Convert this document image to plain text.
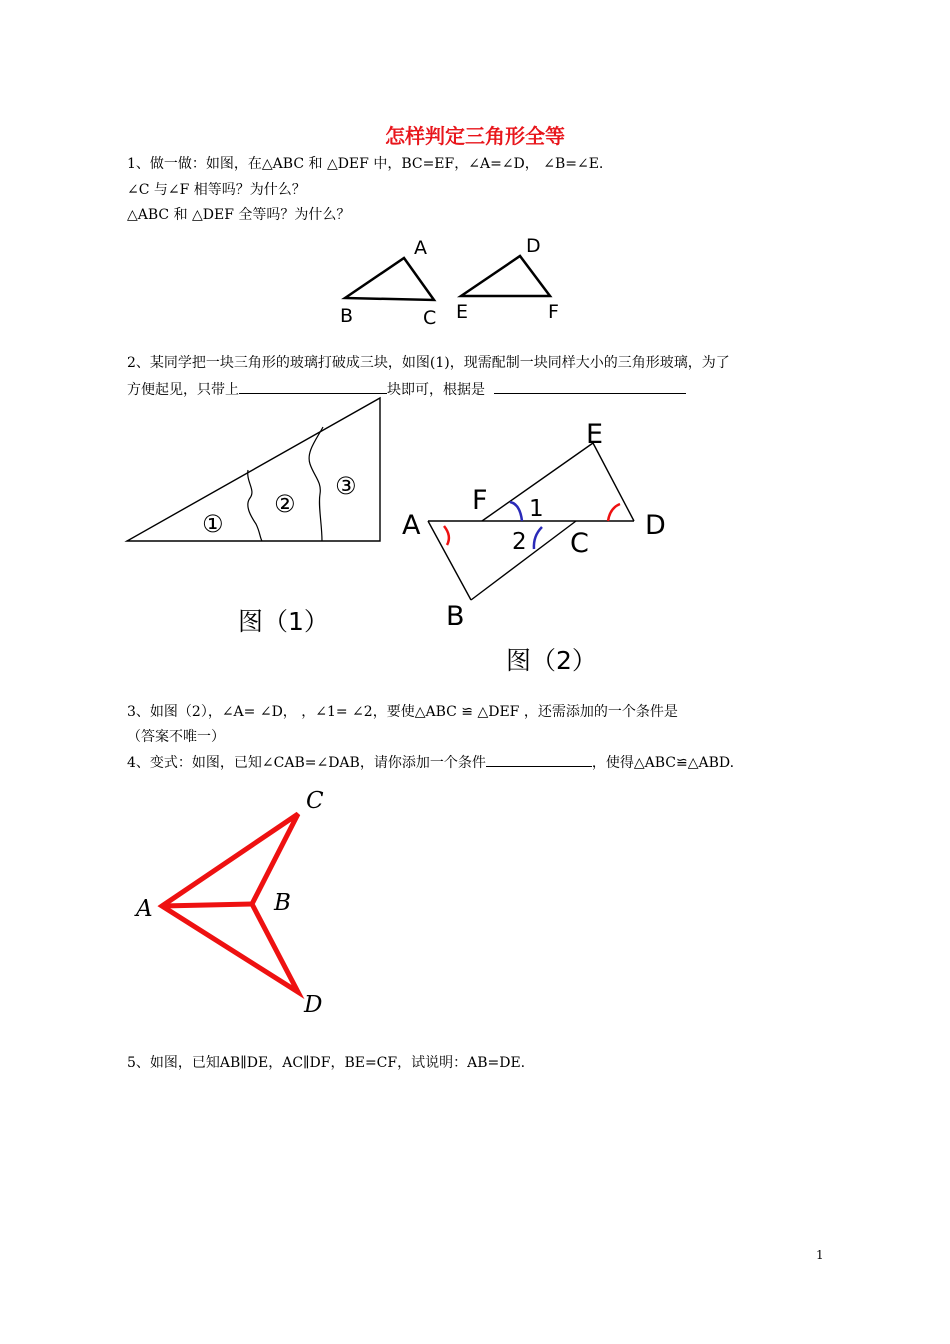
怎样判定三角形全等
1、做一做：如图，在△ABC 和 △DEF 中，BC=EF，∠A=∠D， ∠B=∠E.
∠C 与∠F 相等吗？为什么？
△ABC 和 △DEF 全等吗？为什么？
A
B	C
D
E	F
2、某同学把一块三角形的玻璃打破成三块，如图(1)，现需配制一块同样大小的三角形玻璃，为了
方便起见，只带上	块即可，根据是
①
②
③
图（1）
E
F
A	D
C
B
1
2
图（2）
3、如图（2），∠A= ∠D， ，∠1= ∠2，要使△ABC ≌ △DEF ，还需添加的一个条件是
（答案不唯一）
4、变式：如图，已知∠CAB=∠DAB，请你添加一个条件	，使得△ABC≌△ABD.
C
A	B
D
5、如图，已知AB∥DE，AC∥DF，BE=CF，试说明：AB=DE.
1
